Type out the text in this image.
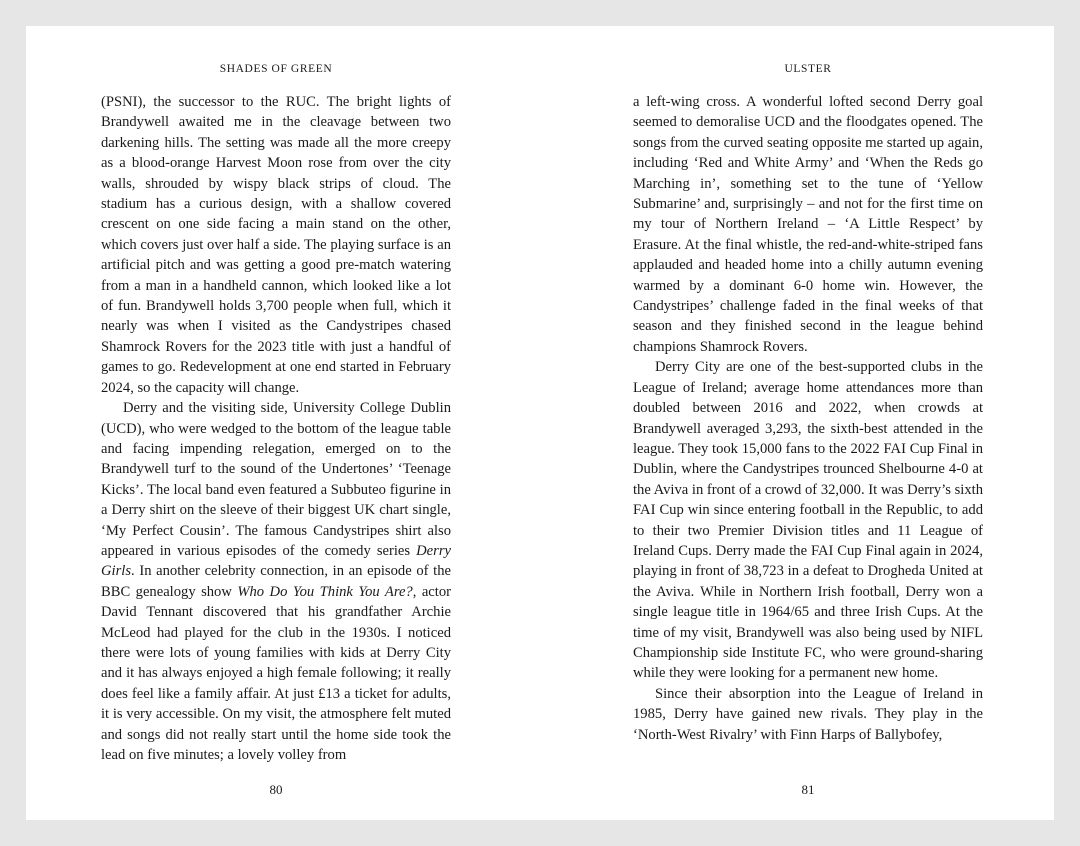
SHADES OF GREEN

(PSNI), the successor to the RUC. The bright lights of Brandywell awaited me in the cleavage between two darkening hills. The setting was made all the more creepy as a blood-orange Harvest Moon rose from over the city walls, shrouded by wispy black strips of cloud. The stadium has a curious design, with a shallow covered crescent on one side facing a main stand on the other, which covers just over half a side. The playing surface is an artificial pitch and was getting a good pre-match watering from a man in a handheld cannon, which looked like a lot of fun. Brandywell holds 3,700 people when full, which it nearly was when I visited as the Candystripes chased Shamrock Rovers for the 2023 title with just a handful of games to go. Redevelopment at one end started in February 2024, so the capacity will change.

Derry and the visiting side, University College Dublin (UCD), who were wedged to the bottom of the league table and facing impending relegation, emerged on to the Brandywell turf to the sound of the Undertones’ ‘Teenage Kicks’. The local band even featured a Subbuteo figurine in a Derry shirt on the sleeve of their biggest UK chart single, ‘My Perfect Cousin’. The famous Candystripes shirt also appeared in various episodes of the comedy series Derry Girls. In another celebrity connection, in an episode of the BBC genealogy show Who Do You Think You Are?, actor David Tennant discovered that his grandfather Archie McLeod had played for the club in the 1930s. I noticed there were lots of young families with kids at Derry City and it has always enjoyed a high female following; it really does feel like a family affair. At just £13 a ticket for adults, it is very accessible. On my visit, the atmosphere felt muted and songs did not really start until the home side took the lead on five minutes; a lovely volley from

80
ULSTER

a left-wing cross. A wonderful lofted second Derry goal seemed to demoralise UCD and the floodgates opened. The songs from the curved seating opposite me started up again, including ‘Red and White Army’ and ‘When the Reds go Marching in’, something set to the tune of ‘Yellow Submarine’ and, surprisingly – and not for the first time on my tour of Northern Ireland – ‘A Little Respect’ by Erasure. At the final whistle, the red-and-white-striped fans applauded and headed home into a chilly autumn evening warmed by a dominant 6-0 home win. However, the Candystripes’ challenge faded in the final weeks of that season and they finished second in the league behind champions Shamrock Rovers.

Derry City are one of the best-supported clubs in the League of Ireland; average home attendances more than doubled between 2016 and 2022, when crowds at Brandywell averaged 3,293, the sixth-best attended in the league. They took 15,000 fans to the 2022 FAI Cup Final in Dublin, where the Candystripes trounced Shelbourne 4-0 at the Aviva in front of a crowd of 32,000. It was Derry’s sixth FAI Cup win since entering football in the Republic, to add to their two Premier Division titles and 11 League of Ireland Cups. Derry made the FAI Cup Final again in 2024, playing in front of 38,723 in a defeat to Drogheda United at the Aviva. While in Northern Irish football, Derry won a single league title in 1964/65 and three Irish Cups. At the time of my visit, Brandywell was also being used by NIFL Championship side Institute FC, who were ground-sharing while they were looking for a permanent new home.

Since their absorption into the League of Ireland in 1985, Derry have gained new rivals. They play in the ‘North-West Rivalry’ with Finn Harps of Ballybofey,

81
